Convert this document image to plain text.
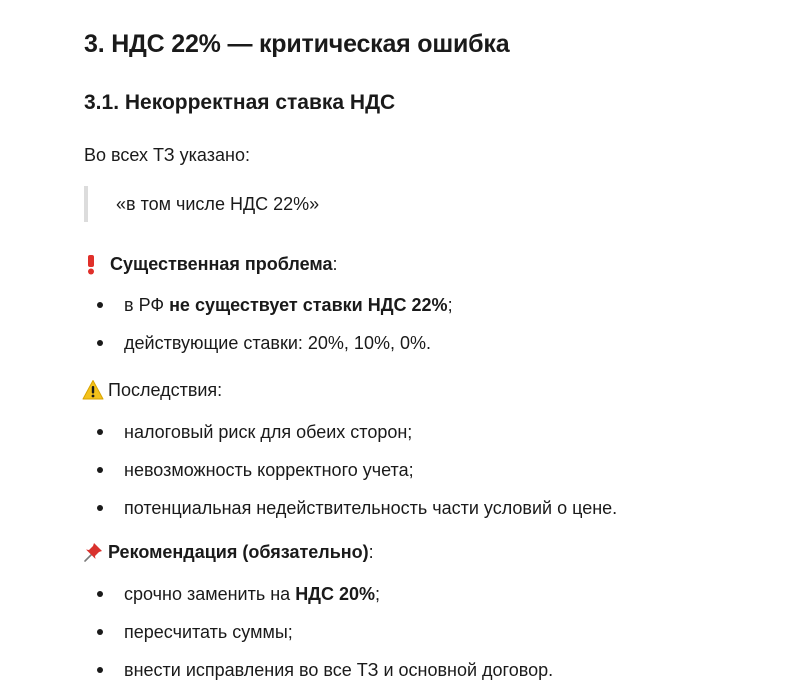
3. НДС 22% — критическая ошибка
3.1. Некорректная ставка НДС

Во всех ТЗ указано:

«в том числе НДС 22%»
Существенная проблема :
в РФ не существует ставки НДС 22%;
действующие ставки: 20%, 10%, 0%.
Последствия:
налоговый риск для обеих сторон;
невозможность корректного учета;
потенциальная недействительность части условий о цене.
Рекомендация (обязательно) :
срочно заменить на НДС 20%;
пересчитать суммы;
внести исправления во все ТЗ и основной договор.
